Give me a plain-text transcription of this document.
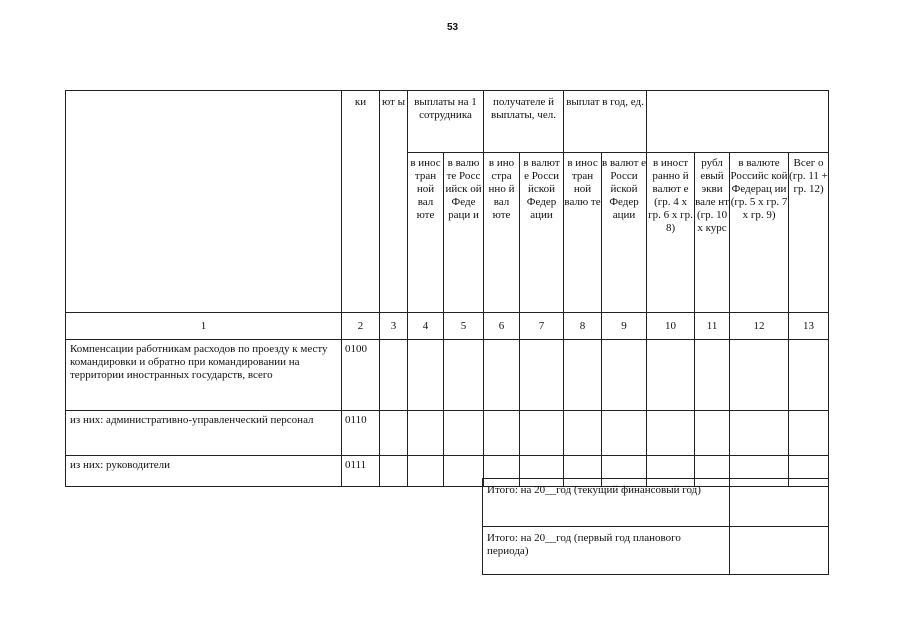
53
	ки	ют ы	выплаты на 1 сотрудника		получателе й выплаты, чел.		выплат в год, ед.					
			в инос тран ной вал юте	в валю те Росс ийск ой Феде раци и	в ино стра нно й вал юте	в валют е Росси йской Федер ации	в инос тран ной валю те	в валют е Росси йской Федер ации	в иност ранно й валют е (гр. 4 х гр. 6 х гр. 8)	рубл евый экви вале нт (гр. 10 х курс	в валюте Российс кой Федерац ии (гр. 5 х гр. 7 х гр. 9)	Всег о (гр. 11 + гр. 12)
1	2	3	4	5	6	7	8	9	10	11	12	13
Компенсации работникам расходов по проезду к месту командировки и обратно при командировании на территории иностранных государств, всего	0100											
из них: административно-управленческий персонал	0110											
из них: руководители	0111											
Итого: на 20__год (текущий финансовый год)	
Итого: на 20__год (первый год планового периода)	
